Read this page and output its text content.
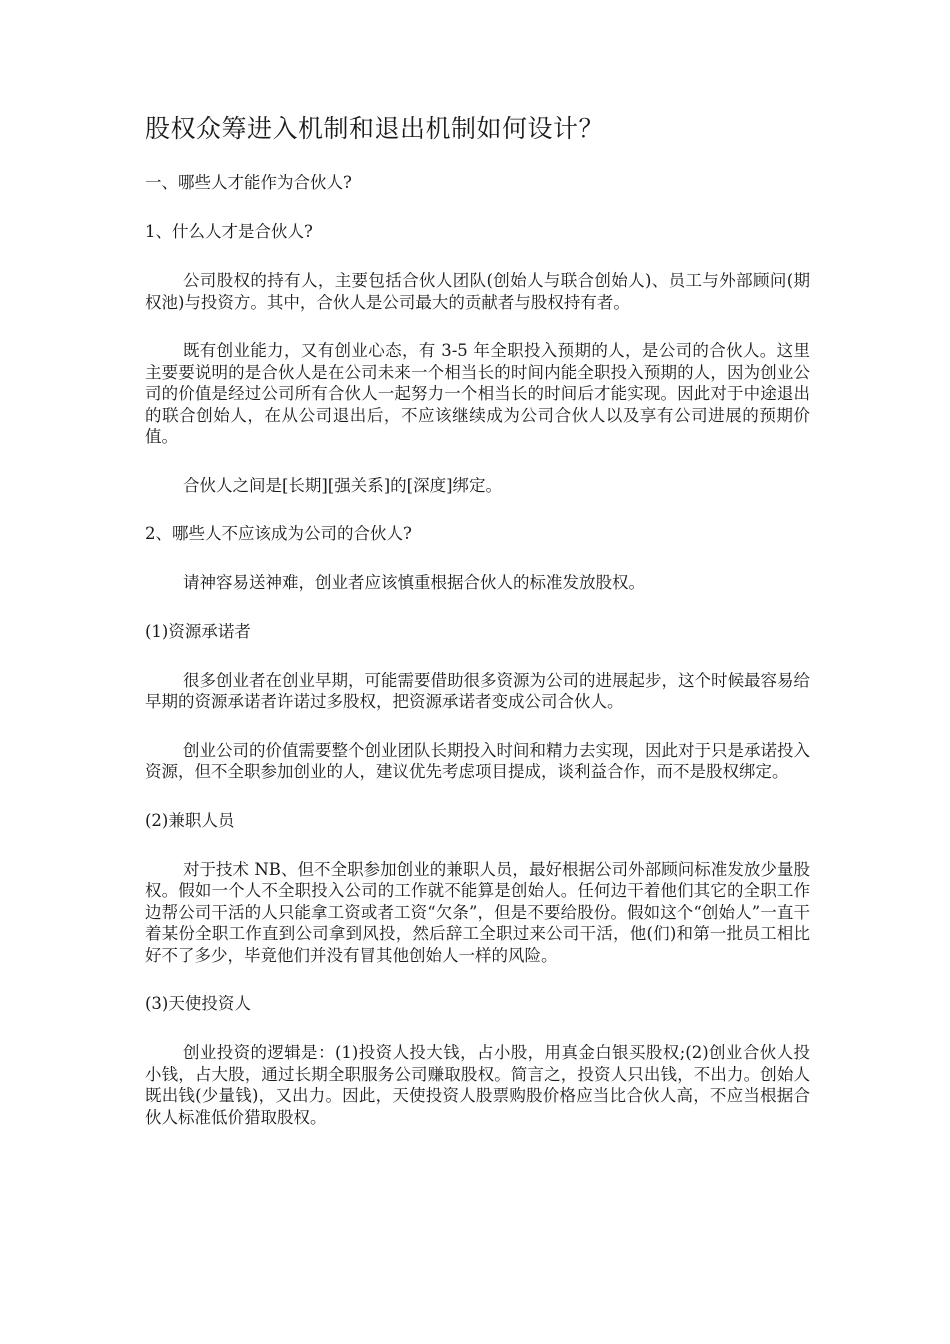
股权众筹进入机制和退出机制如何设计？
一、哪些人才能作为合伙人?
1、什么人才是合伙人?

公司股权的持有人，主要包括合伙人团队(创始人与联合创始人)、员工与外部顾问(期权池)与投资方。其中，合伙人是公司最大的贡献者与股权持有者。

既有创业能力，又有创业心态，有 3-5 年全职投入预期的人，是公司的合伙人。这里主要要说明的是合伙人是在公司未来一个相当长的时间内能全职投入预期的人，因为创业公司的价值是经过公司所有合伙人一起努力一个相当长的时间后才能实现。因此对于中途退出的联合创始人，在从公司退出后，不应该继续成为公司合伙人以及享有公司进展的预期价值。

合伙人之间是[长期][强关系]的[深度]绑定。

2、哪些人不应该成为公司的合伙人?

请神容易送神难，创业者应该慎重根据合伙人的标准发放股权。

(1)资源承诺者

很多创业者在创业早期，可能需要借助很多资源为公司的进展起步，这个时候最容易给早期的资源承诺者许诺过多股权，把资源承诺者变成公司合伙人。

创业公司的价值需要整个创业团队长期投入时间和精力去实现，因此对于只是承诺投入资源，但不全职参加创业的人，建议优先考虑项目提成，谈利益合作，而不是股权绑定。

(2)兼职人员

对于技术 NB、但不全职参加创业的兼职人员，最好根据公司外部顾问标准发放少量股权。假如一个人不全职投入公司的工作就不能算是创始人。任何边干着他们其它的全职工作边帮公司干活的人只能拿工资或者工资“欠条”，但是不要给股份。假如这个“创始人”一直干着某份全职工作直到公司拿到风投，然后辞工全职过来公司干活，他(们)和第一批员工相比好不了多少，毕竟他们并没有冒其他创始人一样的风险。

(3)天使投资人

创业投资的逻辑是：(1)投资人投大钱，占小股，用真金白银买股权;(2)创业合伙人投小钱，占大股，通过长期全职服务公司赚取股权。简言之，投资人只出钱，不出力。创始人既出钱(少量钱)，又出力。因此，天使投资人股票购股价格应当比合伙人高，不应当根据合伙人标准低价猎取股权。
